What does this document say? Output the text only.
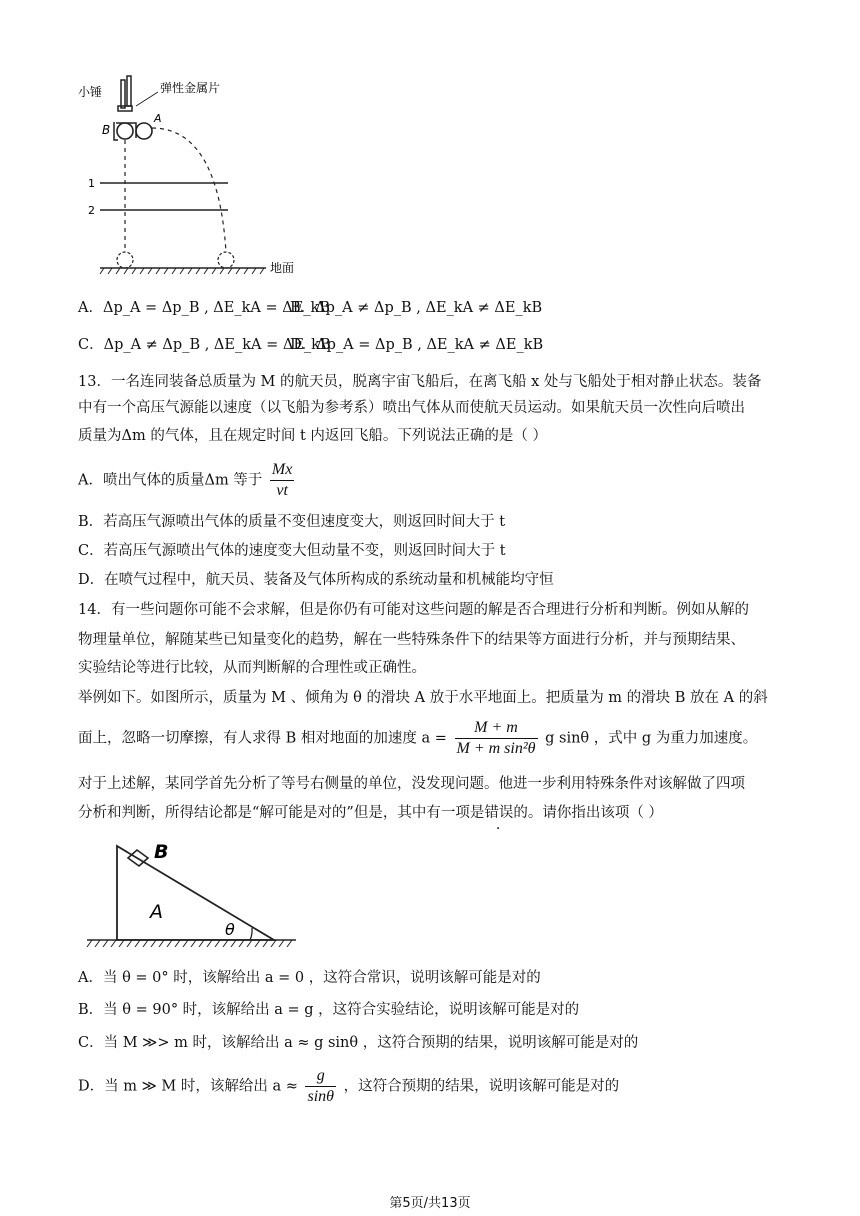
小锤	弹性金属片
B
A
1
2
地面
A．Δp_A = Δp_B , ΔE_kA = ΔE_kB
B．Δp_A ≠ Δp_B , ΔE_kA ≠ ΔE_kB
C．Δp_A ≠ Δp_B , ΔE_kA = ΔE_kB
D．Δp_A = Δp_B , ΔE_kA ≠ ΔE_kB
13．一名连同装备总质量为 M 的航天员，脱离宇宙飞船后，在离飞船 x 处与飞船处于相对静止状态。装备
中有一个高压气源能以速度（以飞船为参考系）喷出气体从而使航天员运动。如果航天员一次性向后喷出
质量为Δm 的气体，且在规定时间 t 内返回飞船。下列说法正确的是（ ）
A．喷出气体的质量Δm 等于 $\frac{Mx}{vt}$
B．若高压气源喷出气体的质量不变但速度变大，则返回时间大于 t
C．若高压气源喷出气体的速度变大但动量不变，则返回时间大于 t
D．在喷气过程中，航天员、装备及气体所构成的系统动量和机械能均守恒
14．有一些问题你可能不会求解，但是你仍有可能对这些问题的解是否合理进行分析和判断。例如从解的
物理量单位，解随某些已知量变化的趋势，解在一些特殊条件下的结果等方面进行分析，并与预期结果、
实验结论等进行比较，从而判断解的合理性或正确性。
举例如下。如图所示，质量为 M 、倾角为 θ 的滑块 A 放于水平地面上。把质量为 m 的滑块 B 放在 A 的斜
面上，忽略一切摩擦，有人求得 B 相对地面的加速度 $a = \frac{M + m}{\text{M + m sin²θ}}$ g sinθ ，式中 g 为重力加速度。
对于上述解，某同学首先分析了等号右侧量的单位，没发现问题。他进一步利用特殊条件对该解做了四项
分析和判断，所得结论都是“解可能是对的”但是，其中有一项是错误的。请你指出该项（ ）
B
A
θ
A．当 θ = 0° 时，该解给出 a = 0 ，这符合常识，说明该解可能是对的
B．当 θ = 90° 时，该解给出 a = g ，这符合实验结论，说明该解可能是对的
C．当 M ≫> m 时，该解给出 a ≈ g sinθ ，这符合预期的结果，说明该解可能是对的
D．当 m ≫ M 时，该解给出 $a \approx \frac{g}{\sin\theta}$ ，这符合预期的结果，说明该解可能是对的
第5页/共13页
